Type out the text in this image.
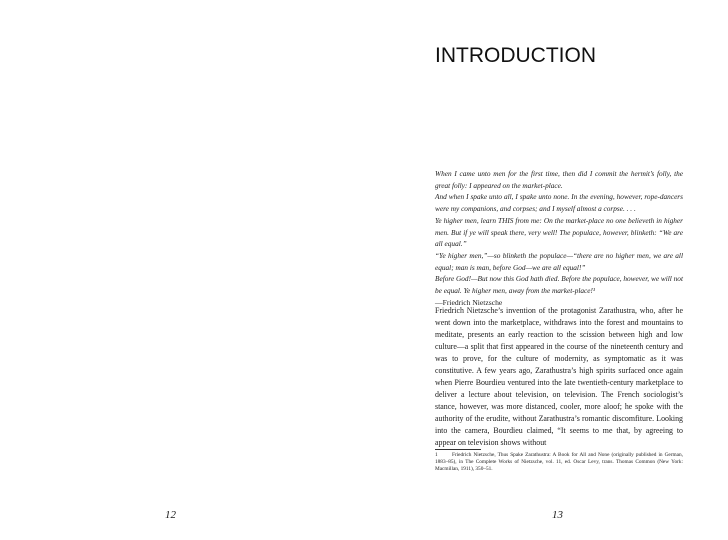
12
INTRODUCTION
When I came unto men for the first time, then did I commit the hermit’s folly, the great folly: I appeared on the market-place.
And when I spake unto all, I spake unto none. In the evening, however, rope-dancers were my companions, and corpses; and I myself almost a corpse. . . .
Ye higher men, learn THIS from me: On the market-place no one believeth in higher men. But if ye will speak there, very well! The populace, however, blinketh: “We are all equal.”
“Ye higher men,”—so blinketh the populace—“there are no higher men, we are all equal; man is man, before God—we are all equal!”
Before God!—But now this God hath died. Before the populace, however, we will not be equal. Ye higher men, away from the market-place!¹
—Friedrich Nietzsche

Friedrich Nietzsche’s invention of the protagonist Zarathustra, who, after he went down into the marketplace, withdraws into the forest and mountains to meditate, presents an early reaction to the scission between high and low culture—a split that first appeared in the course of the nineteenth century and was to prove, for the culture of modernity, as symptomatic as it was constitutive. A few years ago, Zarathustra’s high spirits surfaced once again when Pierre Bourdieu ventured into the late twentieth-century marketplace to deliver a lecture about television, on television. The French sociologist’s stance, however, was more distanced, cooler, more aloof; he spoke with the authority of the erudite, without Zarathustra’s romantic discomfiture. Looking into the camera, Bourdieu claimed, “It seems to me that, by agreeing to appear on television shows without

1	Friedrich Nietzsche, Thus Spake Zarathustra: A Book for All and None (originally published in German, 1883–85), in The Complete Works of Nietzsche, vol. 11, ed. Oscar Levy, trans. Thomas Common (New York: Macmillan, 1911), 350–51.
13
